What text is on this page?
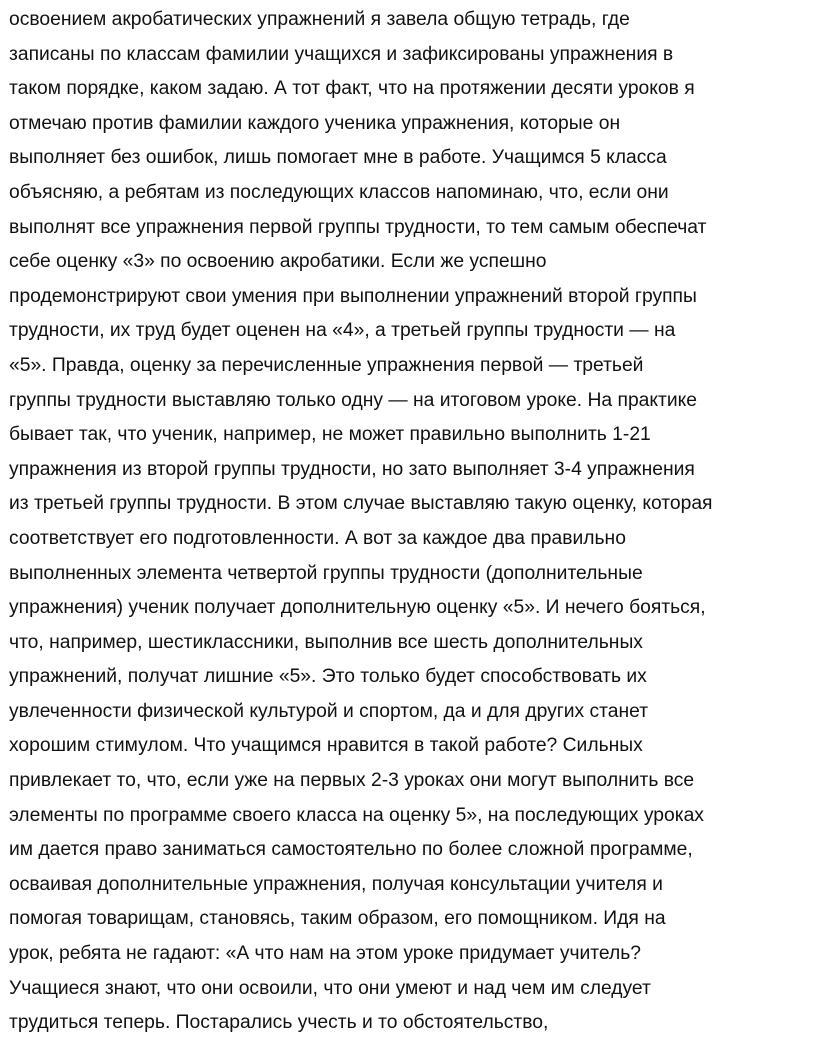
освоением акробатических упражнений я завела общую тетрадь, где
записаны по классам фамилии учащихся и зафиксированы упражнения в
таком порядке, каком задаю. А тот факт, что на протяжении десяти уроков я
отмечаю против фамилии каждого ученика упражнения, которые он
выполняет без ошибок, лишь помогает мне в работе. Учащимся 5 класса
объясняю, а ребятам из последующих классов напоминаю, что, если они
выполнят все упражнения первой группы трудности, то тем самым обеспечат
себе оценку «3» по освоению акробатики. Если же успешно
продемонстрируют свои умения при выполнении упражнений второй группы
трудности, их труд будет оценен на «4», а третьей группы трудности — на
«5». Правда, оценку за перечисленные упражнения первой — третьей
группы трудности выставляю только одну — на итоговом уроке. На практике
бывает так, что ученик, например, не может правильно выполнить 1-21
упражнения из второй группы трудности, но зато выполняет 3-4 упражнения
из третьей группы трудности. В этом случае выставляю такую оценку, которая
соответствует его подготовленности. А вот за каждое два правильно
выполненных элемента четвертой группы трудности (дополнительные
упражнения) ученик получает дополнительную оценку «5». И нечего бояться,
что, например, шестиклассники, выполнив все шесть дополнительных
упражнений, получат лишние «5». Это только будет способствовать их
увлеченности физической культурой и спортом, да и для других станет
хорошим стимулом. Что учащимся нравится в такой работе? Сильных
привлекает то, что, если уже на первых 2-3 уроках они могут выполнить все
элементы по программе своего класса на оценку 5», на последующих уроках
им дается право заниматься самостоятельно по более сложной программе,
осваивая дополнительные упражнения, получая консультации учителя и
помогая товарищам, становясь, таким образом, его помощником. Идя на
урок, ребята не гадают: «А что нам на этом уроке придумает учитель?
Учащиеся знают, что они освоили, что они умеют и над чем им следует
трудиться теперь. Постарались учесть и то обстоятельство,
